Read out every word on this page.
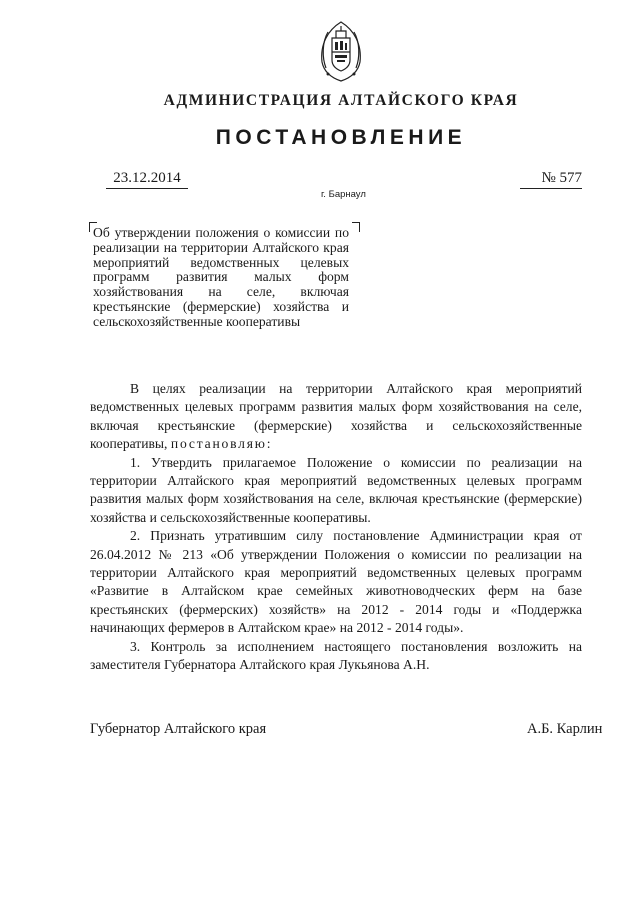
АДМИНИСТРАЦИЯ АЛТАЙСКОГО КРАЯ
ПОСТАНОВЛЕНИЕ
23.12.2014	№ 577
г. Барнаул
Об утверждении положения о комиссии по реализации на территории Алтайского края мероприятий ведомственных целевых программ развития малых форм хозяйствования на селе, включая крестьянские (фермерские) хозяйства и сельскохозяйственные кооперативы

В целях реализации на территории Алтайского края мероприятий ведомственных целевых программ развития малых форм хозяйствования на селе, включая крестьянские (фермерские) хозяйства и сельскохозяйственные кооперативы, постановляю:

1. Утвердить прилагаемое Положение о комиссии по реализации на территории Алтайского края мероприятий ведомственных целевых программ развития малых форм хозяйствования на селе, включая крестьянские (фермерские) хозяйства и сельскохозяйственные кооперативы.

2. Признать утратившим силу постановление Администрации края от 26.04.2012 № 213 «Об утверждении Положения о комиссии по реализации на территории Алтайского края мероприятий ведомственных целевых программ «Развитие в Алтайском крае семейных животноводческих ферм на базе крестьянских (фермерских) хозяйств» на 2012 - 2014 годы и «Поддержка начинающих фермеров в Алтайском крае» на 2012 - 2014 годы».

3. Контроль за исполнением настоящего постановления возложить на заместителя Губернатора Алтайского края Лукьянова А.Н.

Губернатор Алтайского края	А.Б. Карлин
